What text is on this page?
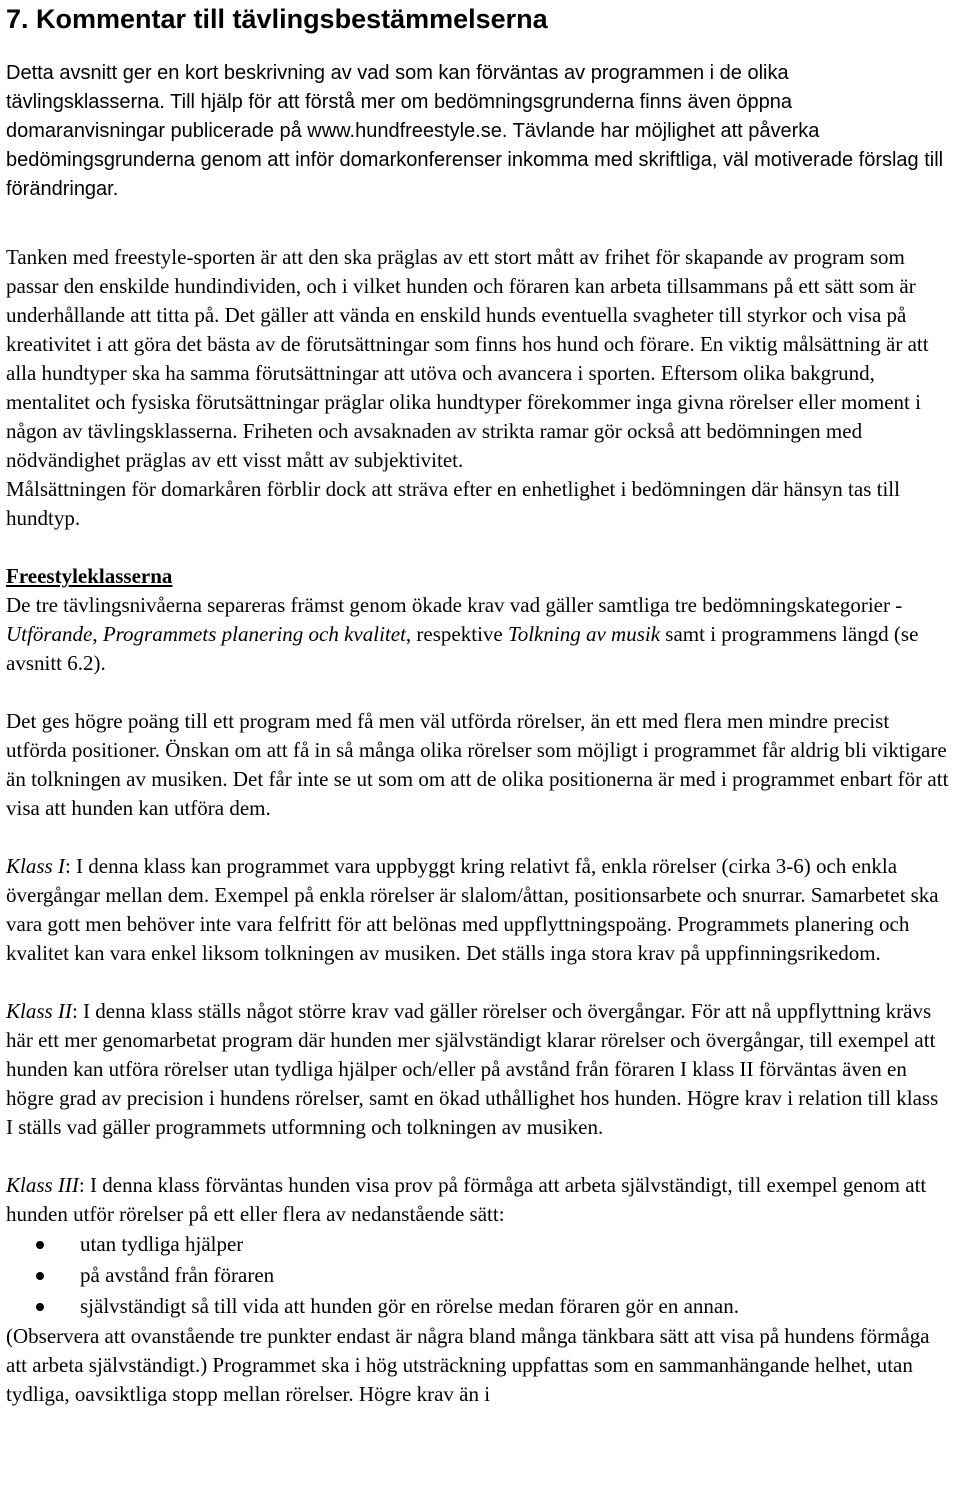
7. Kommentar till tävlingsbestämmelserna

Detta avsnitt ger en kort beskrivning av vad som kan förväntas av programmen i de olika tävlingsklasserna. Till hjälp för att förstå mer om bedömningsgrunderna finns även öppna domaranvisningar publicerade på www.hundfreestyle.se. Tävlande har möjlighet att påverka bedömingsgrunderna genom att inför domarkonferenser inkomma med skriftliga, väl motiverade förslag till förändringar.

Tanken med freestyle-sporten är att den ska präglas av ett stort mått av frihet för skapande av program som passar den enskilde hundindividen, och i vilket hunden och föraren kan arbeta tillsammans på ett sätt som är underhållande att titta på. Det gäller att vända en enskild hunds eventuella svagheter till styrkor och visa på kreativitet i att göra det bästa av de förutsättningar som finns hos hund och förare. En viktig målsättning är att alla hundtyper ska ha samma förutsättningar att utöva och avancera i sporten. Eftersom olika bakgrund, mentalitet och fysiska förutsättningar präglar olika hundtyper förekommer inga givna rörelser eller moment i någon av tävlingsklasserna. Friheten och avsaknaden av strikta ramar gör också att bedömningen med nödvändighet präglas av ett visst mått av subjektivitet.

Målsättningen för domarkåren förblir dock att sträva efter en enhetlighet i bedömningen där hänsyn tas till hundtyp.

Freestyleklasserna

De tre tävlingsnivåerna separeras främst genom ökade krav vad gäller samtliga tre bedömningskategorier - Utförande, Programmets planering och kvalitet, respektive Tolkning av musik samt i programmens längd (se avsnitt 6.2).

Det ges högre poäng till ett program med få men väl utförda rörelser, än ett med flera men mindre precist utförda positioner. Önskan om att få in så många olika rörelser som möjligt i programmet får aldrig bli viktigare än tolkningen av musiken. Det får inte se ut som om att de olika positionerna är med i programmet enbart för att visa att hunden kan utföra dem.

Klass I: I denna klass kan programmet vara uppbyggt kring relativt få, enkla rörelser (cirka 3-6) och enkla övergångar mellan dem. Exempel på enkla rörelser är slalom/åttan, positionsarbete och snurrar. Samarbetet ska vara gott men behöver inte vara felfritt för att belönas med uppflyttningspoäng. Programmets planering och kvalitet kan vara enkel liksom tolkningen av musiken. Det ställs inga stora krav på uppfinningsrikedom.

Klass II: I denna klass ställs något större krav vad gäller rörelser och övergångar. För att nå uppflyttning krävs här ett mer genomarbetat program där hunden mer självständigt klarar rörelser och övergångar, till exempel att hunden kan utföra rörelser utan tydliga hjälper och/eller på avstånd från föraren I klass II förväntas även en högre grad av precision i hundens rörelser, samt en ökad uthållighet hos hunden. Högre krav i relation till klass I ställs vad gäller programmets utformning och tolkningen av musiken.

Klass III: I denna klass förväntas hunden visa prov på förmåga att arbeta självständigt, till exempel genom att hunden utför rörelser på ett eller flera av nedanstående sätt:

utan tydliga hjälper
på avstånd från föraren
självständigt så till vida att hunden gör en rörelse medan föraren gör en annan.

(Observera att ovanstående tre punkter endast är några bland många tänkbara sätt att visa på hundens förmåga att arbeta självständigt.) Programmet ska i hög utsträckning uppfattas som en sammanhängande helhet, utan tydliga, oavsiktliga stopp mellan rörelser. Högre krav än i
